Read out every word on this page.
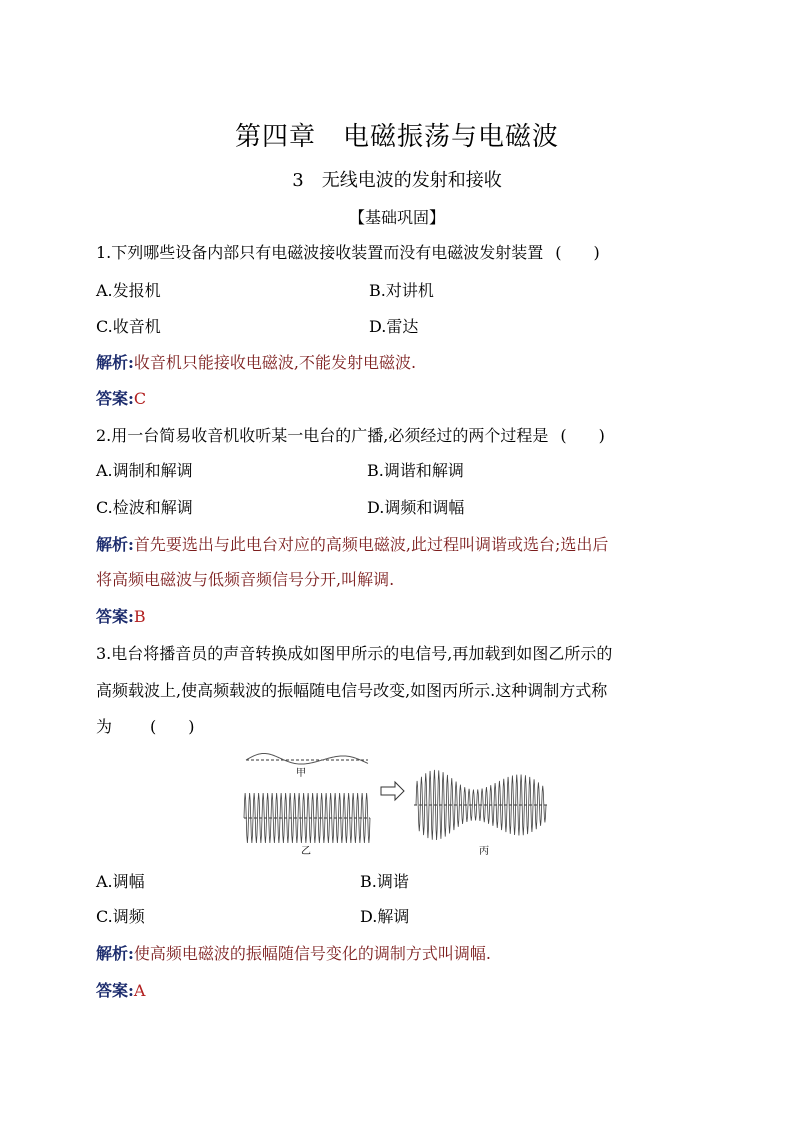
第四章　电磁振荡与电磁波
3　无线电波的发射和接收
【基础巩固】
1.下列哪些设备内部只有电磁波接收装置而没有电磁波发射装置 (　　)
A.发报机	B.对讲机
C.收音机	D.雷达
解析:收音机只能接收电磁波,不能发射电磁波.
答案:C
2.用一台简易收音机收听某一电台的广播,必须经过的两个过程是 (　　)
A.调制和解调	B.调谐和解调
C.检波和解调	D.调频和调幅
解析:首先要选出与此电台对应的高频电磁波,此过程叫调谐或选台;选出后
将高频电磁波与低频音频信号分开,叫解调.
答案:B
3.电台将播音员的声音转换成如图甲所示的电信号,再加载到如图乙所示的
高频载波上,使高频载波的振幅随电信号改变,如图丙所示.这种调制方式称
为 (　　)
甲
乙	丙
A.调幅	B.调谐
C.调频	D.解调
解析:使高频电磁波的振幅随信号变化的调制方式叫调幅.
答案:A
